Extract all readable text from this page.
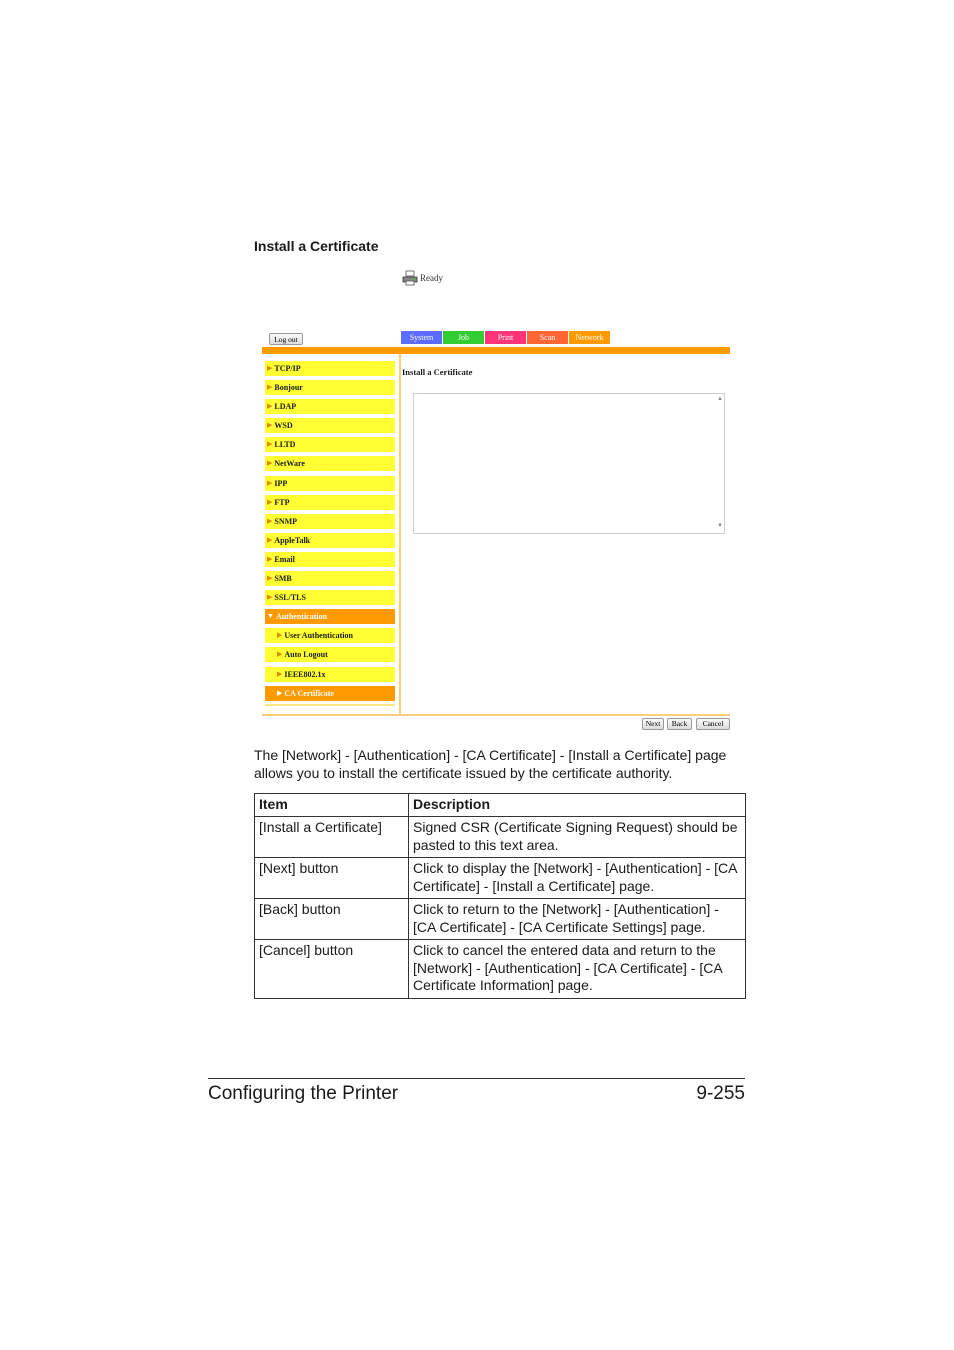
Install a Certificate
Ready
Log out	System	Job	Print	Scan	Network
▶ TCP/IP
▶ Bonjour
▶ LDAP
▶ WSD
▶ LLTD
▶ NetWare
▶ IPP
▶ FTP
▶ SNMP
▶ AppleTalk
▶ Email
▶ SMB
▶ SSL/TLS
▼ Authentication
▶ User Authentication
▶ Auto Logout
▶ IEEE802.1x
▶ CA Certificate
Install a Certificate
▲
▼
Next	Back	Cancel
The [Network] - [Authentication] - [CA Certificate] - [Install a Certificate] page allows you to install the certificate issued by the certificate authority.
Item	Description
[Install a Certificate]	Signed CSR (Certificate Signing Request) should be pasted to this text area.
[Next] button	Click to display the [Network] - [Authentication] - [CA Certificate] - [Install a Certificate] page.
[Back] button	Click to return to the [Network] - [Authentication] - [CA Certificate] - [CA Certificate Settings] page.
[Cancel] button	Click to cancel the entered data and return to the [Network] - [Authentication] - [CA Certificate] - [CA Certificate Information] page.
Configuring the Printer	9-255
